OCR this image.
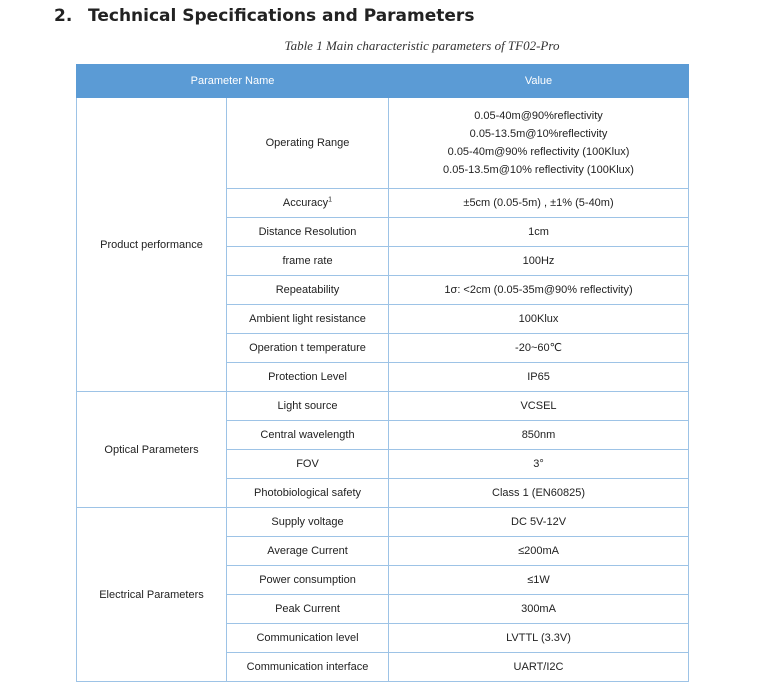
2. Technical Specifications and Parameters
Table 1 Main characteristic parameters of TF02-Pro
Parameter Name		Value
Product performance	Operating Range	0.05-40m@90%reflectivity
0.05-13.5m@10%reflectivity
0.05-40m@90% reflectivity (100Klux)
0.05-13.5m@10% reflectivity (100Klux)

	Accuracy$^1$	±5cm (0.05-5m) , ±1% (5-40m)

	Distance Resolution	1cm

	frame rate	100Hz

	Repeatability	1σ: <2cm (0.05-35m@90% reflectivity)

	Ambient light resistance	100Klux

	Operation t temperature	-20~60℃

	Protection Level	IP65

Optical Parameters	Light source	VCSEL

	Central wavelength	850nm

	FOV	3°

	Photobiological safety	Class 1 (EN60825)

Electrical Parameters	Supply voltage	DC 5V-12V

	Average Current	≤200mA

	Power consumption	≤1W

	Peak Current	300mA

	Communication level	LVTTL (3.3V)

	Communication interface	UART/I2C
